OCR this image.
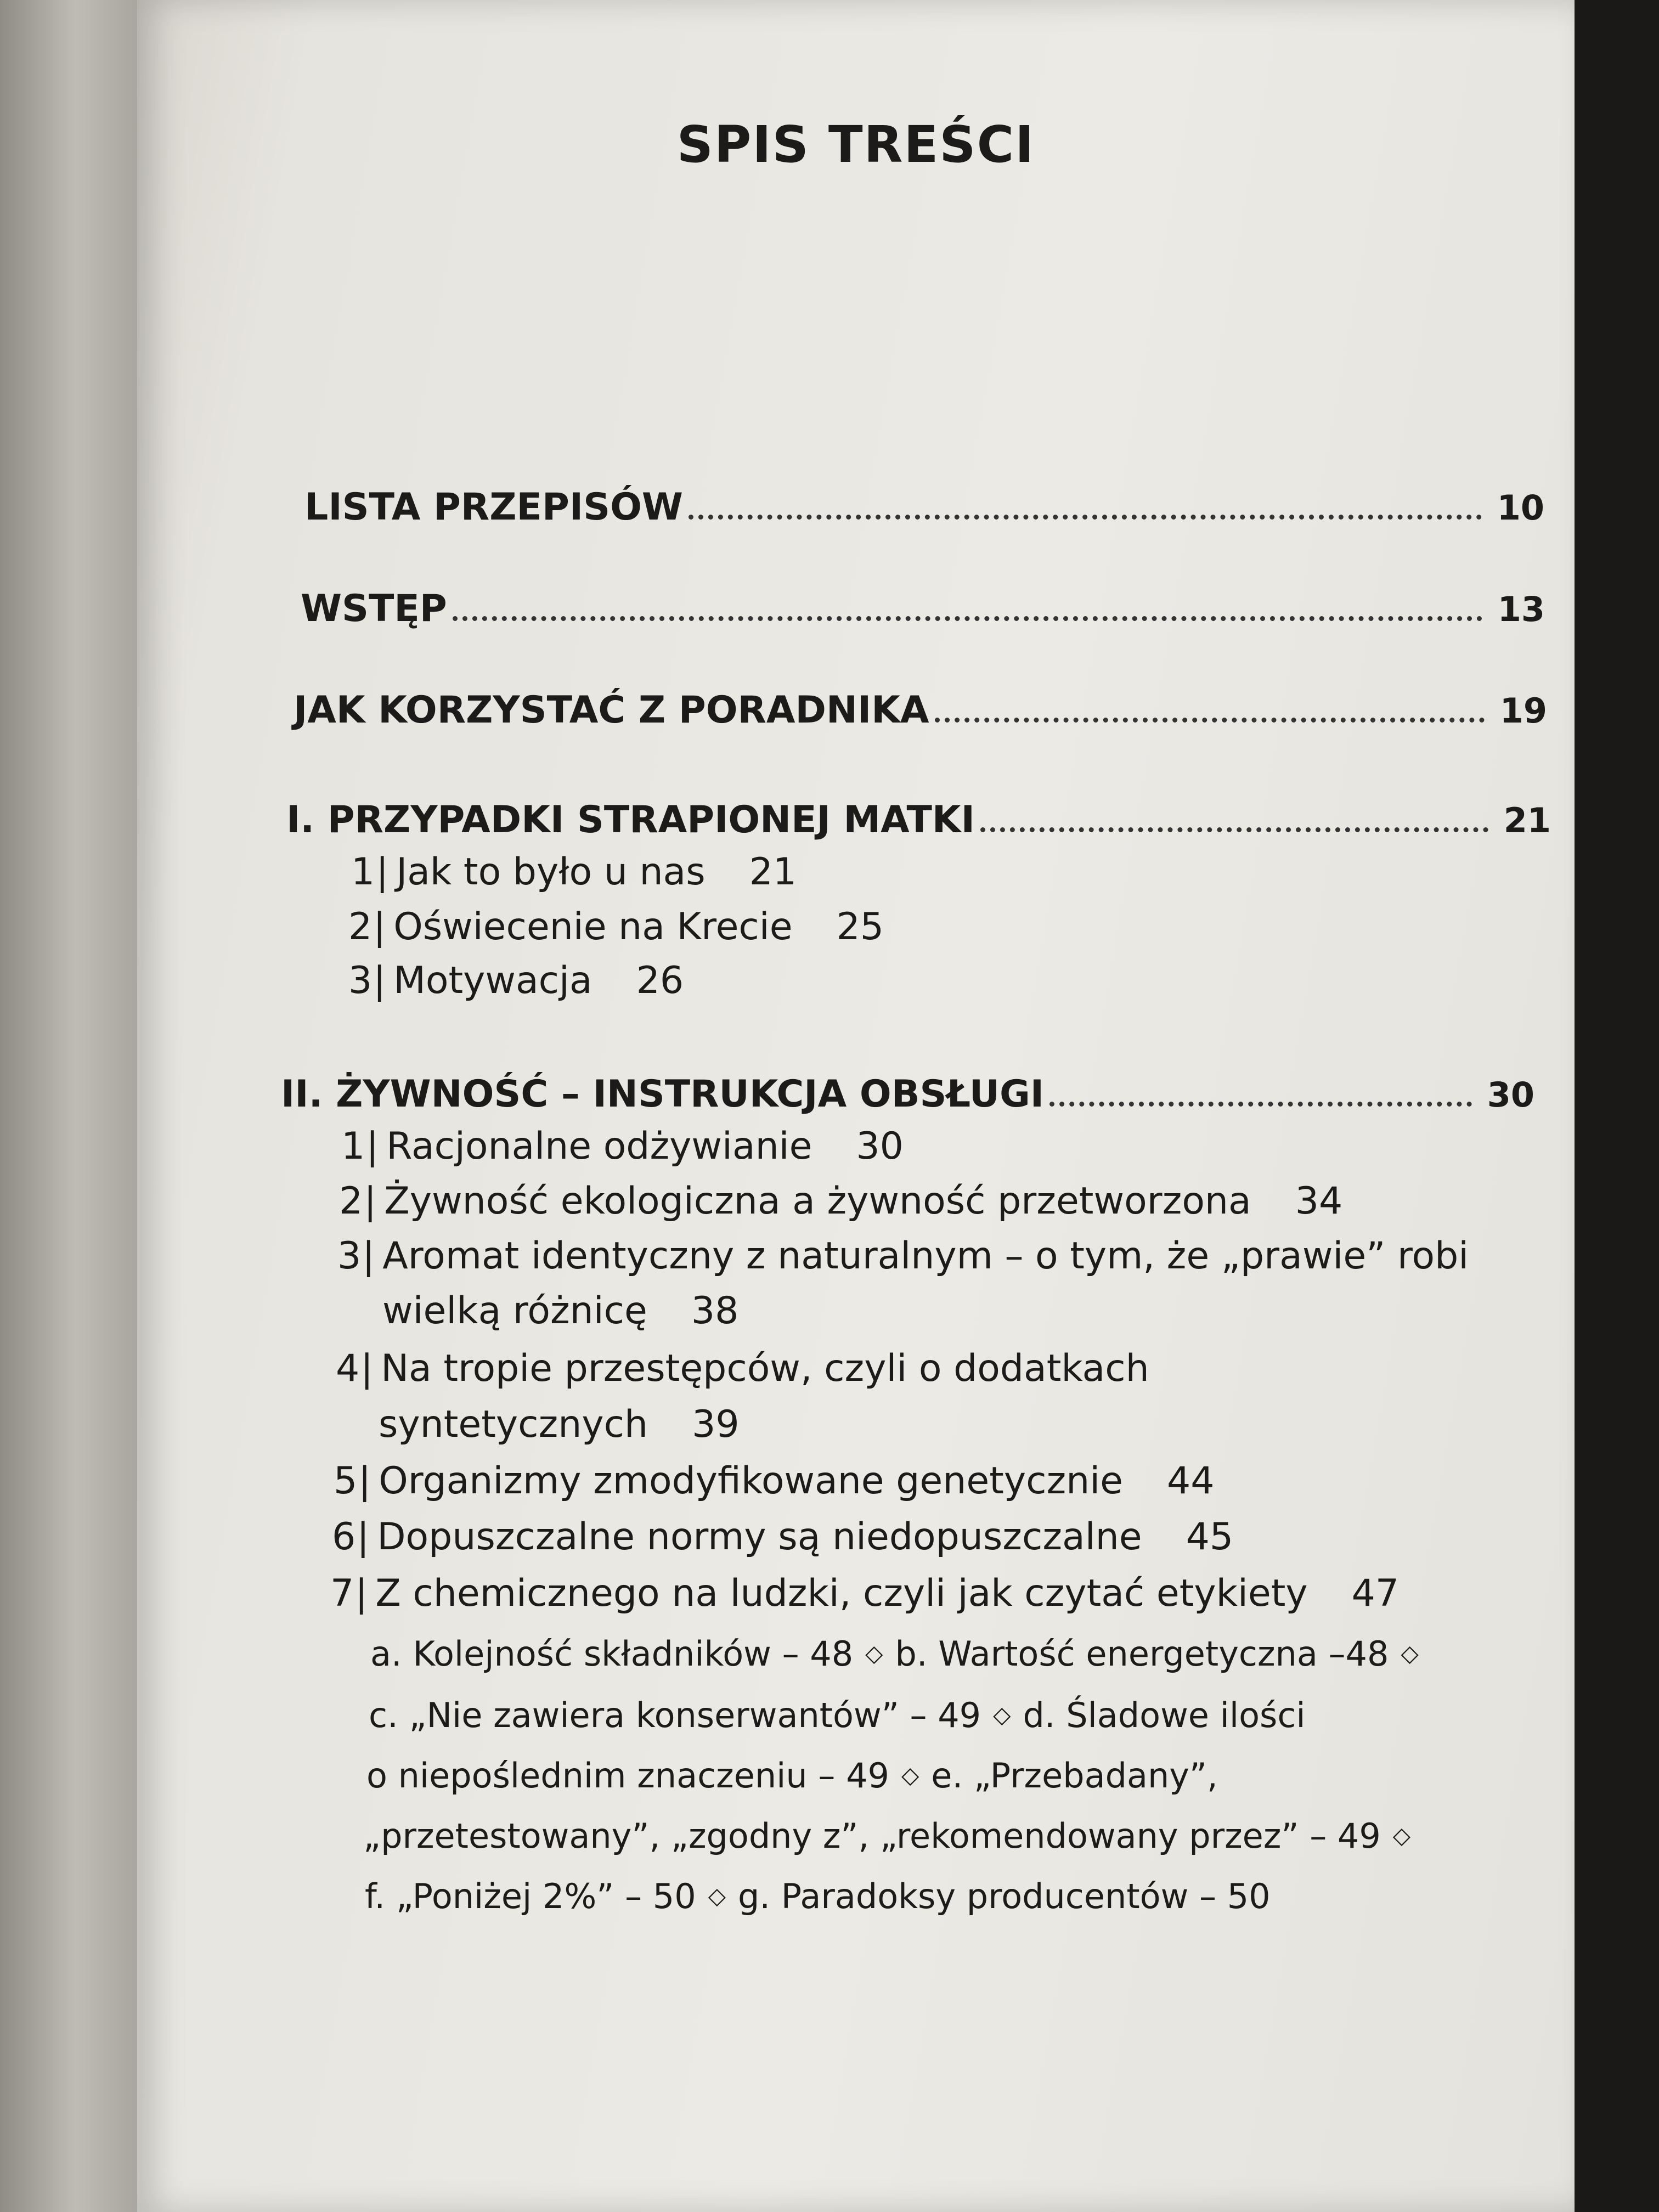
SPIS TREŚCI
LISTA PRZEPISÓW	10
WSTĘP	13
JAK KORZYSTAĆ Z PORADNIKA	19
I. PRZYPADKI STRAPIONEJ MATKI	21
1| Jak to było u nas 21
2| Oświecenie na Krecie 25
3| Motywacja 26
II. ŻYWNOŚĆ – INSTRUKCJA OBSŁUGI	30
1| Racjonalne odżywianie 30
2| Żywność ekologiczna a żywność przetworzona 34
3| Aromat identyczny z naturalnym – o tym, że „prawie” robi
wielką różnicę 38
4| Na tropie przestępców, czyli o dodatkach
syntetycznych 39
5| Organizmy zmodyfikowane genetycznie 44
6| Dopuszczalne normy są niedopuszczalne 45
7| Z chemicznego na ludzki, czyli jak czytać etykiety 47
a. Kolejność składników – 48 ◇ b. Wartość energetyczna –48 ◇
c. „Nie zawiera konserwantów” – 49 ◇ d. Śladowe ilości
o niepoślednim znaczeniu – 49 ◇ e. „Przebadany”,
„przetestowany”, „zgodny z”, „rekomendowany przez” – 49 ◇
f. „Poniżej 2%” – 50 ◇ g. Paradoksy producentów – 50
